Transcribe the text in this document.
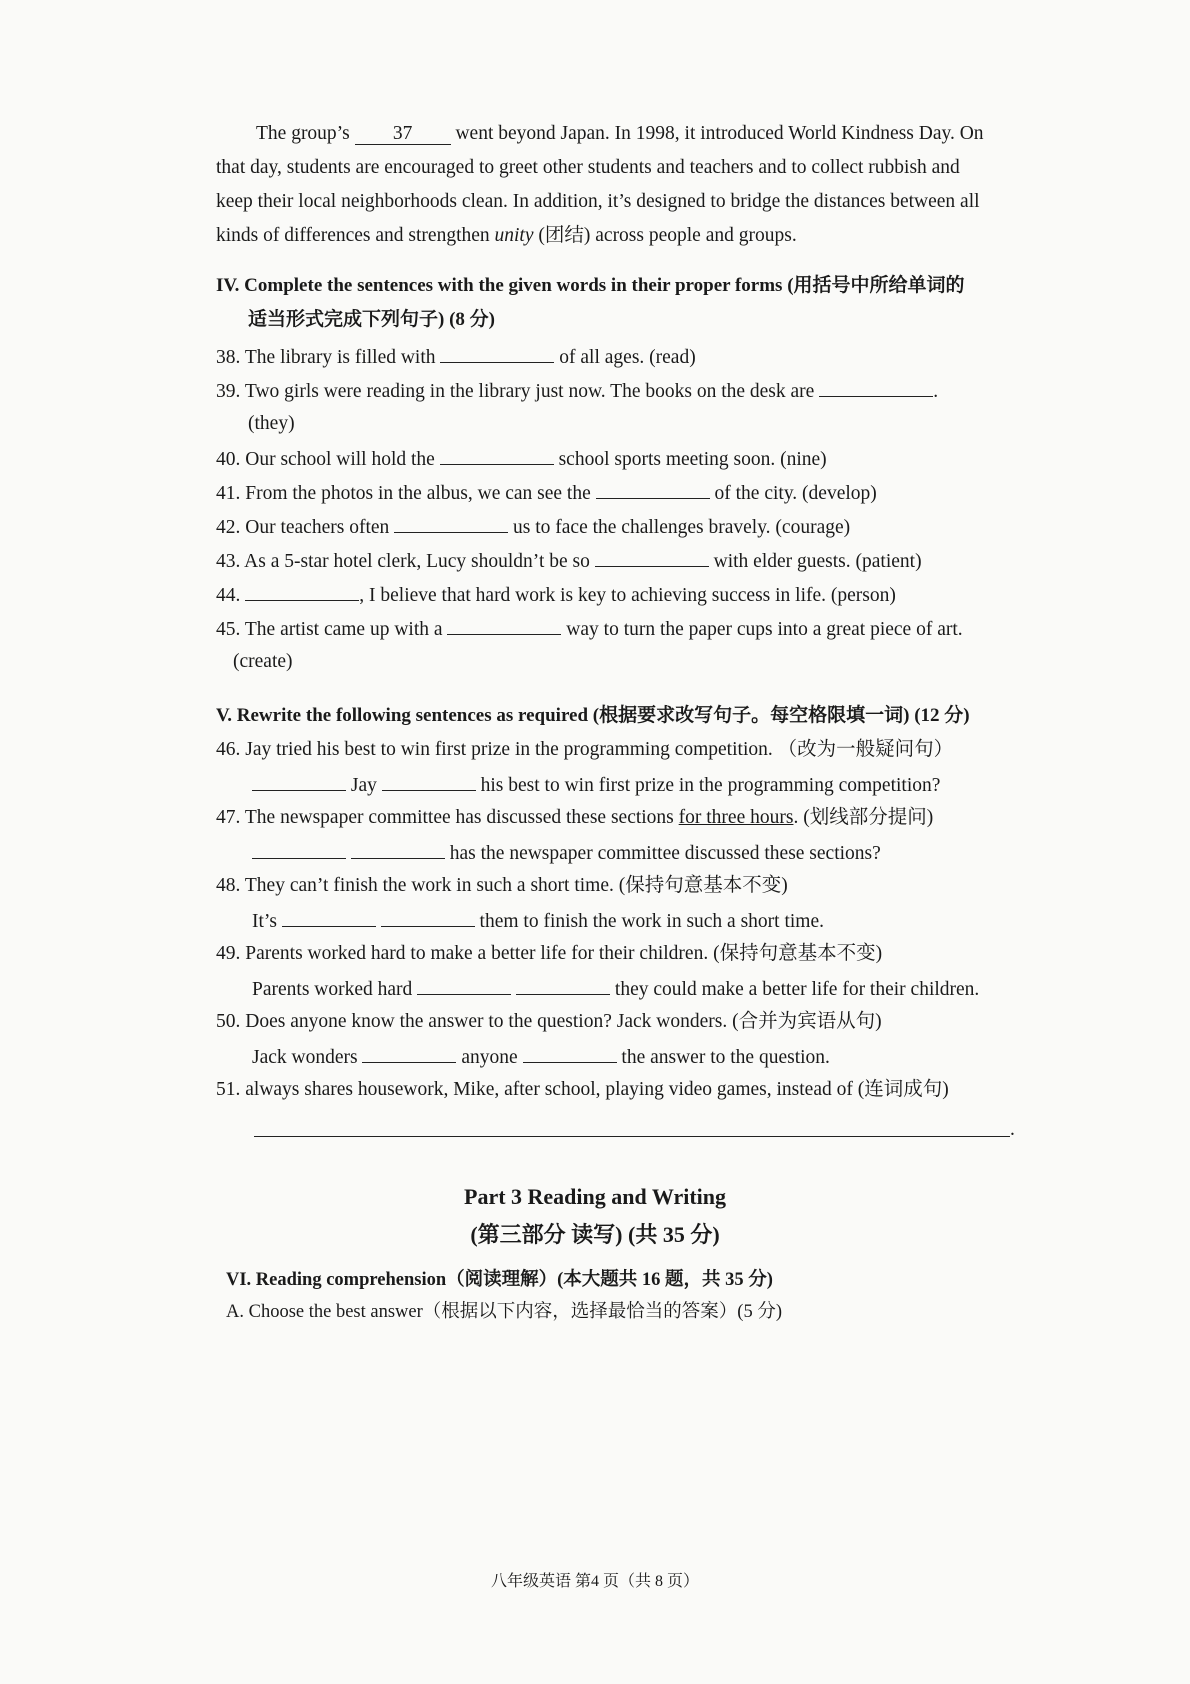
The group’s 37 went beyond Japan. In 1998, it introduced World Kindness Day. On
that day, students are encouraged to greet other students and teachers and to collect rubbish and
keep their local neighborhoods clean. In addition, it’s designed to bridge the distances between all
kinds of differences and strengthen unity (团结) across people and groups.
IV. Complete the sentences with the given words in their proper forms (用括号中所给单词的
适当形式完成下列句子) (8 分)
38. The library is filled with	of all ages. (read)
39. Two girls were reading in the library just now. The books on the desk are	.
(they)
40. Our school will hold the	school sports meeting soon. (nine)
41. From the photos in the albus, we can see the	of the city. (develop)
42. Our teachers often	us to face the challenges bravely. (courage)
43. As a 5-star hotel clerk, Lucy shouldn’t be so	with elder guests. (patient)
44.	, I believe that hard work is key to achieving success in life. (person)
45. The artist came up with a	way to turn the paper cups into a great piece of art.
(create)
V. Rewrite the following sentences as required (根据要求改写句子。每空格限填一词) (12 分)
46. Jay tried his best to win first prize in the programming competition. （改为一般疑问句）
Jay	his best to win first prize in the programming competition?
47. The newspaper committee has discussed these sections for three hours. (划线部分提问)
has the newspaper committee discussed these sections?
48. They can’t finish the work in such a short time. (保持句意基本不变)
It’s	them to finish the work in such a short time.
49. Parents worked hard to make a better life for their children. (保持句意基本不变)
Parents worked hard	they could make a better life for their children.
50. Does anyone know the answer to the question? Jack wonders. (合并为宾语从句)
Jack wonders	anyone	the answer to the question.
51. always shares housework, Mike, after school, playing video games, instead of (连词成句)
.
Part 3 Reading and Writing
(第三部分 读写) (共 35 分)
VI. Reading comprehension（阅读理解）(本大题共 16 题，共 35 分)
A. Choose the best answer（根据以下内容，选择最恰当的答案）(5 分)
八年级英语 第4 页（共 8 页）
